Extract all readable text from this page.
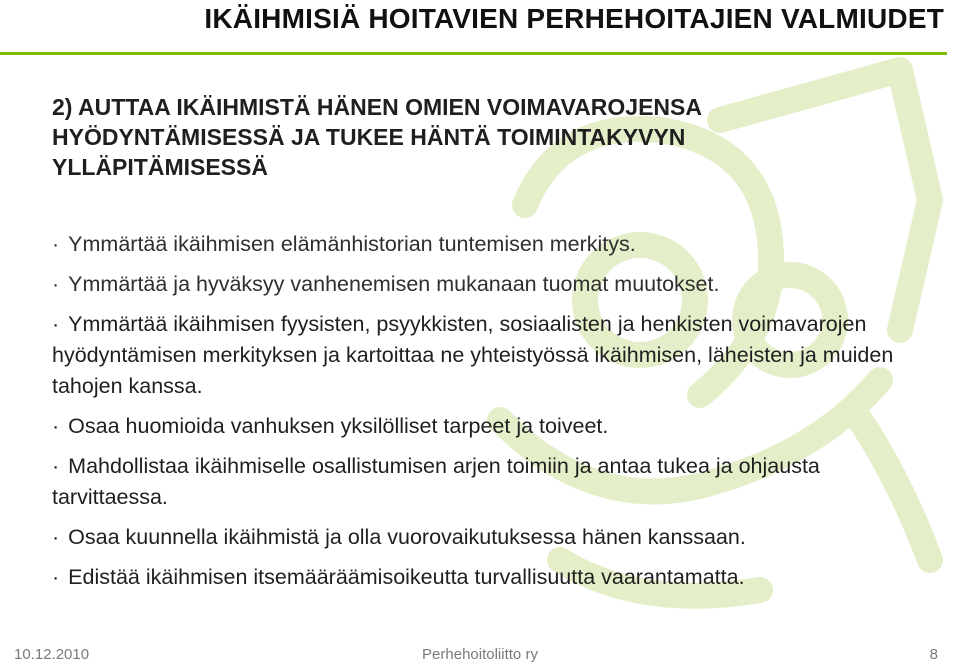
IKÄIHMISIÄ HOITAVIEN PERHEHOITAJIEN VALMIUDET
2) AUTTAA IKÄIHMISTÄ HÄNEN OMIEN VOIMAVAROJENSA HYÖDYNTÄMISESSÄ JA TUKEE HÄNTÄ TOIMINTAKYVYN YLLÄPITÄMISESSÄ
· Ymmärtää ikäihmisen elämänhistorian tuntemisen merkitys.
· Ymmärtää ja hyväksyy vanhenemisen mukanaan tuomat muutokset.
· Ymmärtää ikäihmisen fyysisten, psyykkisten, sosiaalisten ja henkisten voimavarojen hyödyntämisen merkityksen ja kartoittaa ne yhteistyössä ikäihmisen, läheisten ja muiden tahojen kanssa.
· Osaa huomioida vanhuksen yksilölliset tarpeet ja toiveet.
· Mahdollistaa ikäihmiselle osallistumisen arjen toimiin ja antaa tukea ja ohjausta tarvittaessa.
· Osaa kuunnella ikäihmistä ja olla vuorovaikutuksessa hänen kanssaan.
· Edistää ikäihmisen itsemääräämisoikeutta turvallisuutta vaarantamatta.
10.12.2010	Perhehoitoliitto ry	8
